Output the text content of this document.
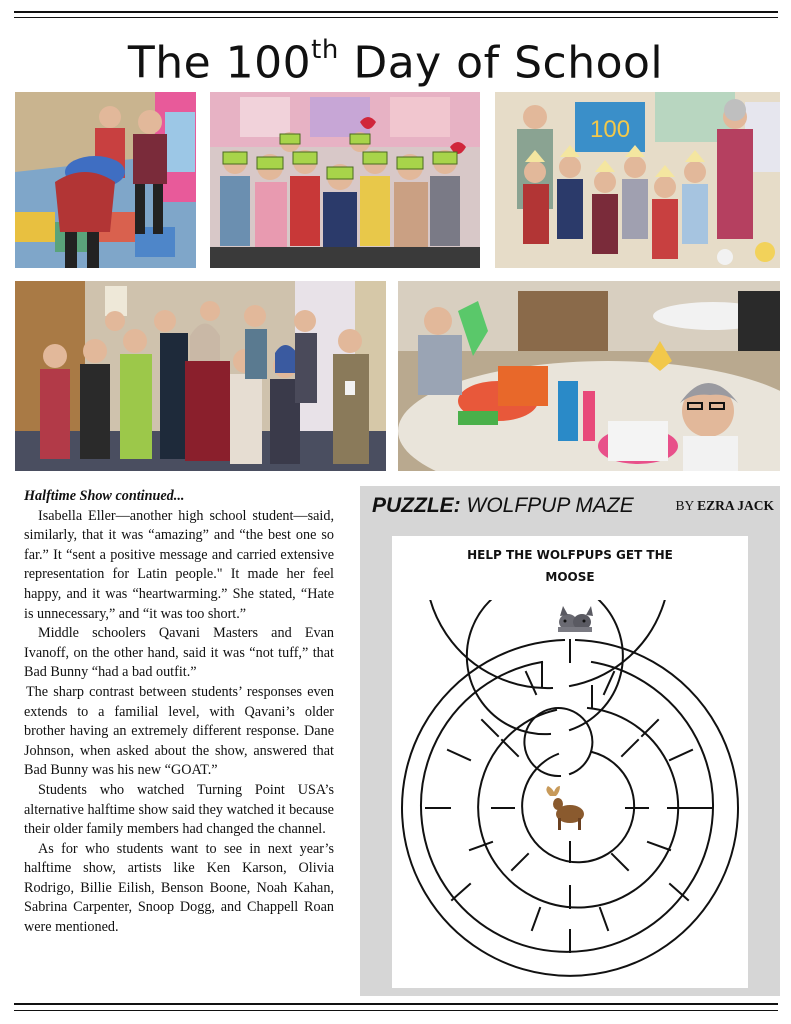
The 100th Day of School
100
Halftime Show continued...

Isabella Eller—another high school student—said, similarly, that it was “amazing” and “the best one so far.” It “sent a positive message and carried extensive representation for Latin people." It made her feel happy, and it was “heartwarming.” She stated, “Hate is unnecessary,” and “it was too short.”

Middle schoolers Qavani Masters and Evan Ivanoff, on the other hand, said it was “not tuff,” that Bad Bunny “had a bad outfit.”

The sharp contrast between students’ responses even extends to a familial level, with Qavani’s older brother having an extremely different response. Dane Johnson, when asked about the show, answered that Bad Bunny was his new “GOAT.”

Students who watched Turning Point USA’s alternative halftime show said they watched it because their older family members had changed the channel.

As for who students want to see in next year’s halftime show, artists like Ken Karson, Olivia Rodrigo, Billie Eilish, Benson Boone, Noah Kahan, Sabrina Carpenter, Snoop Dogg, and Chappell Roan were mentioned.

PUZZLE: WOLFPUP MAZE	BY EZRA JACK
HELP THE WOLFPUPS GET THE
MOOSE
